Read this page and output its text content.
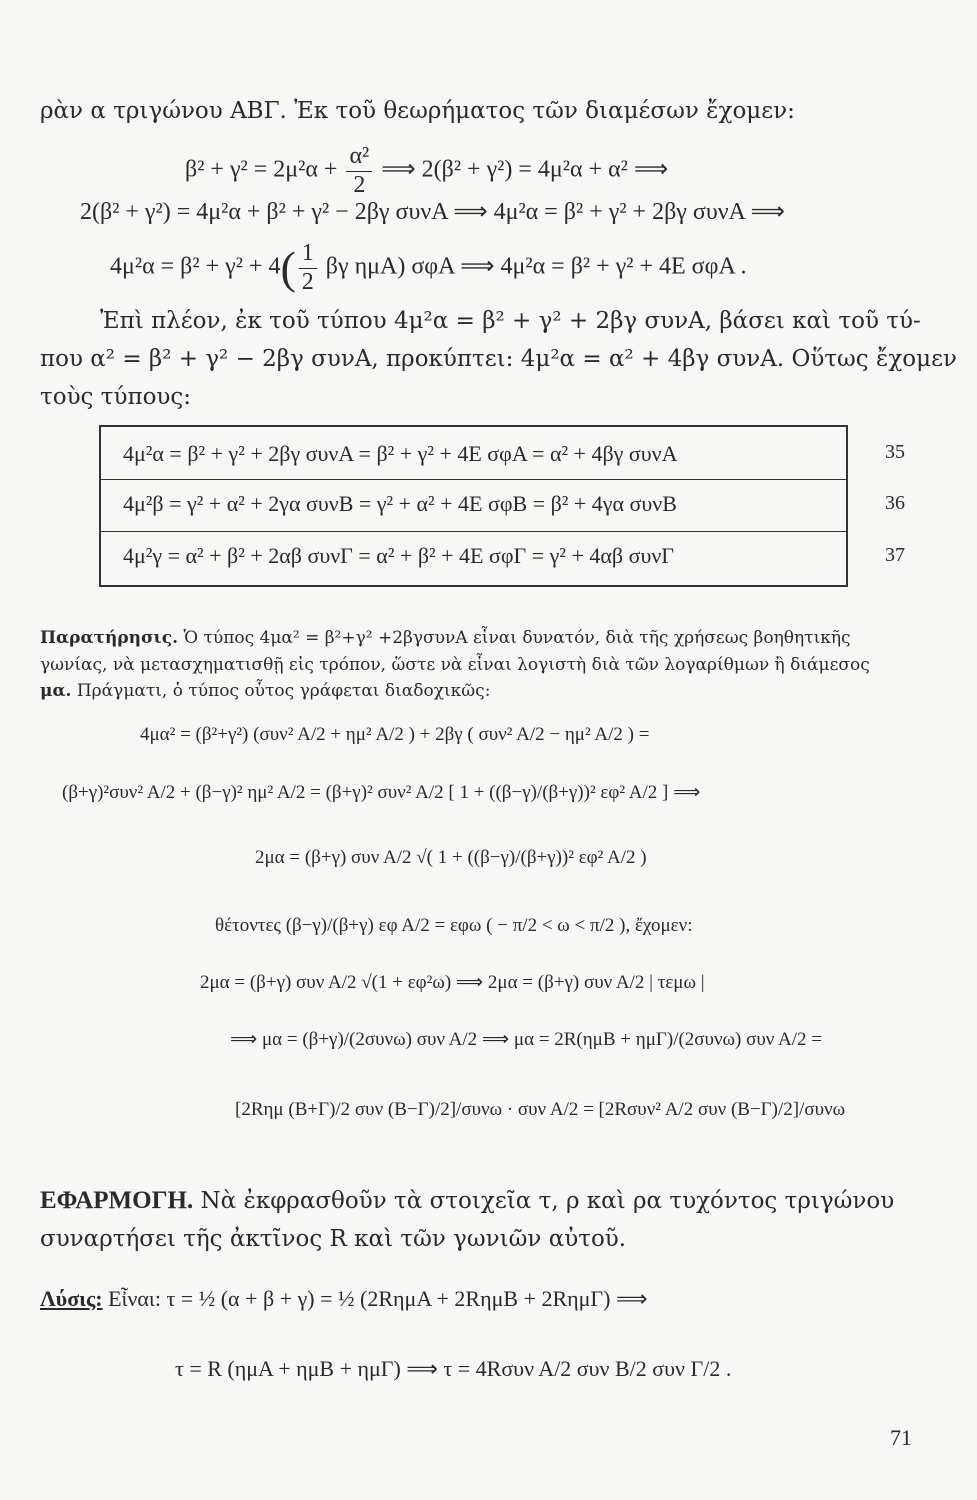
ρὰν α τριγώνου ΑΒΓ. Ἐκ τοῦ θεωρήματος τῶν διαμέσων ἔχομεν:
$\beta^2 + \gamma^2 = 2\mu^2\alpha + \frac{\text{α²}}{2}$ ⟹ 2(β² + γ²) = 4μ²α + α² ⟹
2(β² + γ²) = 4μ²α + β² + γ² − 2βγ συνΑ ⟹ 4μ²α = β² + γ² + 2βγ συνΑ ⟹
$4\mu^2\alpha = \beta^2 + \gamma^2 + 4( \frac{1}{2}$ βγ ημΑ) σφΑ ⟹ 4μ²α = β² + γ² + 4Ε σφΑ .
Ἐπὶ πλέον, ἐκ τοῦ τύπου 4μ²α = β² + γ² + 2βγ συνΑ, βάσει καὶ τοῦ τύ-
που α² = β² + γ² − 2βγ συνΑ, προκύπτει: 4μ²α = α² + 4βγ συνΑ. Οὕτως ἔχομεν
τοὺς τύπους:
4μ²α = β² + γ² + 2βγ συνΑ = β² + γ² + 4Ε σφΑ = α² + 4βγ συνΑ
4μ²β = γ² + α² + 2γα συνΒ = γ² + α² + 4Ε σφΒ = β² + 4γα συνΒ
4μ²γ = α² + β² + 2αβ συνΓ = α² + β² + 4Ε σφΓ = γ² + 4αβ συνΓ
35
36
37
Παρατήρησις. Ὁ τύπος 4μα² = β²+γ² +2βγσυνΑ εἶναι δυνατόν, διὰ τῆς χρήσεως βοηθητικῆς
γωνίας, νὰ μετασχηματισθῇ εἰς τρόπον, ὥστε νὰ εἶναι λογιστὴ διὰ τῶν λογαρίθμων ἢ διάμεσος
μα. Πράγματι, ὁ τύπος οὗτος γράφεται διαδοχικῶς:
4μα² = (β²+γ²) (συν² Α/2 + ημ² Α/2 ) + 2βγ ( συν² Α/2 − ημ² Α/2 ) =
(β+γ)²συν² Α/2 + (β−γ)² ημ² Α/2 = (β+γ)² συν² Α/2 [ 1 + ((β−γ)/(β+γ))² εφ² Α/2 ] ⟹
2μα = (β+γ) συν Α/2 √( 1 + ((β−γ)/(β+γ))² εφ² Α/2 )
θέτοντες (β−γ)/(β+γ) εφ Α/2 = εφω ( − π/2 < ω < π/2 ), ἔχομεν:
2μα = (β+γ) συν Α/2 √(1 + εφ²ω) ⟹ 2μα = (β+γ) συν Α/2 | τεμω |
⟹ μα = (β+γ)/(2συνω) συν Α/2 ⟹ μα = 2R(ημΒ + ημΓ)/(2συνω) συν Α/2 =
[2Rημ (Β+Γ)/2 συν (Β−Γ)/2]/συνω · συν Α/2 = [2Rσυν² Α/2 συν (Β−Γ)/2]/συνω
ΕΦΑΡΜΟΓΗ. Νὰ ἐκφρασθοῦν τὰ στοιχεῖα τ, ρ καὶ ρα τυχόντος τριγώνου
συναρτήσει τῆς ἀκτῖνος R καὶ τῶν γωνιῶν αὐτοῦ.
Λύσις: Εἶναι: τ = ½ (α + β + γ) = ½ (2RημΑ + 2RημΒ + 2RημΓ) ⟹
τ = R (ημΑ + ημΒ + ημΓ) ⟹ τ = 4Rσυν Α/2 συν Β/2 συν Γ/2 .
71
